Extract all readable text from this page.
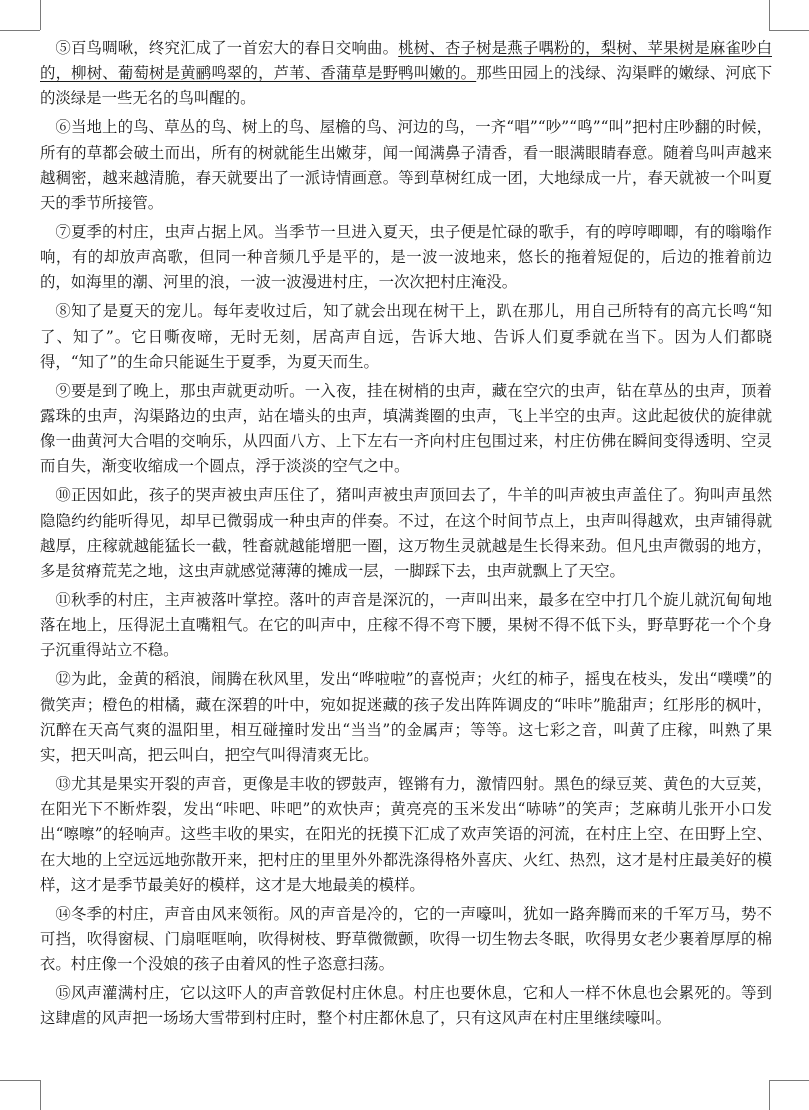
⑤百鸟啁啾，终究汇成了一首宏大的春日交响曲。桃树、杏子树是燕子喁粉的，梨树、苹果树是麻雀吵白的，柳树、葡萄树是黄鹂鸣翠的，芦苇、香蒲草是野鸭叫嫩的。那些田园上的浅绿、沟渠畔的嫩绿、河底下的淡绿是一些无名的鸟叫醒的。

⑥当地上的鸟、草丛的鸟、树上的鸟、屋檐的鸟、河边的鸟，一齐“唱”“吵”“鸣”“叫”把村庄吵翻的时候，所有的草都会破土而出，所有的树就能生出嫩芽，闻一闻满鼻子清香，看一眼满眼睛春意。随着鸟叫声越来越稠密，越来越清脆，春天就要出了一派诗情画意。等到草树红成一团，大地绿成一片，春天就被一个叫夏天的季节所接管。

⑦夏季的村庄，虫声占据上风。当季节一旦进入夏天，虫子便是忙碌的歌手，有的哼哼唧唧，有的嗡嗡作响，有的却放声高歌，但同一种音频几乎是平的，是一波一波地来，悠长的拖着短促的，后边的推着前边的，如海里的潮、河里的浪，一波一波漫进村庄，一次次把村庄淹没。

⑧知了是夏天的宠儿。每年麦收过后，知了就会出现在树干上，趴在那儿，用自己所特有的高亢长鸣“知了、知了”。它日嘶夜啼，无时无刻，居高声自远，告诉大地、告诉人们夏季就在当下。因为人们都晓得，“知了”的生命只能诞生于夏季，为夏天而生。

⑨要是到了晚上，那虫声就更动听。一入夜，挂在树梢的虫声，藏在空穴的虫声，钻在草丛的虫声，顶着露珠的虫声，沟渠路边的虫声，站在墙头的虫声，填满粪圈的虫声，飞上半空的虫声。这此起彼伏的旋律就像一曲黄河大合唱的交响乐，从四面八方、上下左右一齐向村庄包围过来，村庄仿佛在瞬间变得透明、空灵而自失，渐变收缩成一个圆点，浮于淡淡的空气之中。

⑩正因如此，孩子的哭声被虫声压住了，猪叫声被虫声顶回去了，牛羊的叫声被虫声盖住了。狗叫声虽然隐隐约约能听得见，却早已微弱成一种虫声的伴奏。不过，在这个时间节点上，虫声叫得越欢，虫声铺得就越厚，庄稼就越能猛长一截，牲畜就越能增肥一圈，这万物生灵就越是生长得来劲。但凡虫声微弱的地方，多是贫瘠荒芜之地，这虫声就感觉薄薄的摊成一层，一脚踩下去，虫声就飘上了天空。

⑪秋季的村庄，主声被落叶掌控。落叶的声音是深沉的，一声叫出来，最多在空中打几个旋儿就沉甸甸地落在地上，压得泥土直嘴粗气。在它的叫声中，庄稼不得不弯下腰，果树不得不低下头，野草野花一个个身子沉重得站立不稳。

⑫为此，金黄的稻浪，闹腾在秋风里，发出“哗啦啦”的喜悦声；火红的柿子，摇曳在枝头，发出“噗噗”的微笑声；橙色的柑橘，藏在深碧的叶中，宛如捉迷藏的孩子发出阵阵调皮的“咔咔”脆甜声；红彤彤的枫叶，沉醉在天高气爽的温阳里，相互碰撞时发出“当当”的金属声；等等。这七彩之音，叫黄了庄稼，叫熟了果实，把天叫高，把云叫白，把空气叫得清爽无比。

⑬尤其是果实开裂的声音，更像是丰收的锣鼓声，铿锵有力，激情四射。黑色的绿豆荚、黄色的大豆荚，在阳光下不断炸裂，发出“咔吧、咔吧”的欢快声；黄亮亮的玉米发出“哧哧”的笑声；芝麻萌儿张开小口发出“嚓嚓”的轻响声。这些丰收的果实，在阳光的抚摸下汇成了欢声笑语的河流，在村庄上空、在田野上空、在大地的上空远远地弥散开来，把村庄的里里外外都洗涤得格外喜庆、火红、热烈，这才是村庄最美好的模样，这才是季节最美好的模样，这才是大地最美的模样。

⑭冬季的村庄，声音由风来领衔。风的声音是冷的，它的一声嚎叫，犹如一路奔腾而来的千军万马，势不可挡，吹得窗棂、门扇哐哐响，吹得树枝、野草微微颤，吹得一切生物去冬眠，吹得男女老少裹着厚厚的棉衣。村庄像一个没娘的孩子由着风的性子恣意扫荡。

⑮风声灌满村庄，它以这吓人的声音敦促村庄休息。村庄也要休息，它和人一样不休息也会累死的。等到这肆虐的风声把一场场大雪带到村庄时，整个村庄都休息了，只有这风声在村庄里继续嚎叫。
